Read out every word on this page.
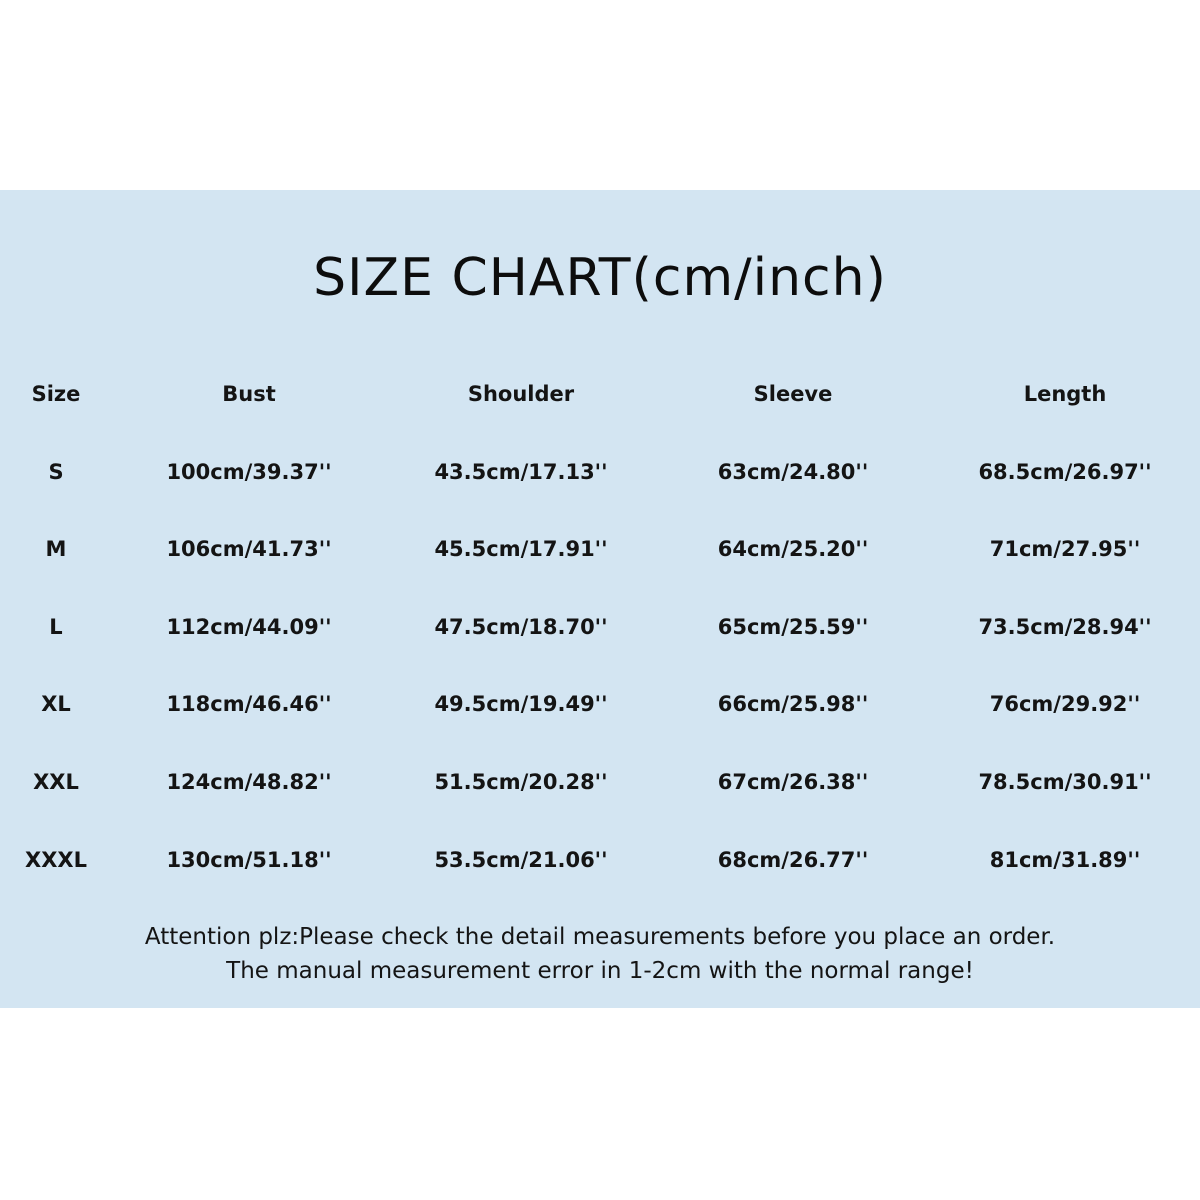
SIZE CHART(cm/inch)
Size	Bust	Shoulder	Sleeve	Length
S	100cm/39.37''	43.5cm/17.13''	63cm/24.80''	68.5cm/26.97''
M	106cm/41.73''	45.5cm/17.91''	64cm/25.20''	71cm/27.95''
L	112cm/44.09''	47.5cm/18.70''	65cm/25.59''	73.5cm/28.94''
XL	118cm/46.46''	49.5cm/19.49''	66cm/25.98''	76cm/29.92''
XXL	124cm/48.82''	51.5cm/20.28''	67cm/26.38''	78.5cm/30.91''
XXXL	130cm/51.18''	53.5cm/21.06''	68cm/26.77''	81cm/31.89''
Attention plz:Please check the detail measurements before you place an order.
The manual measurement error in 1-2cm with the normal range!
